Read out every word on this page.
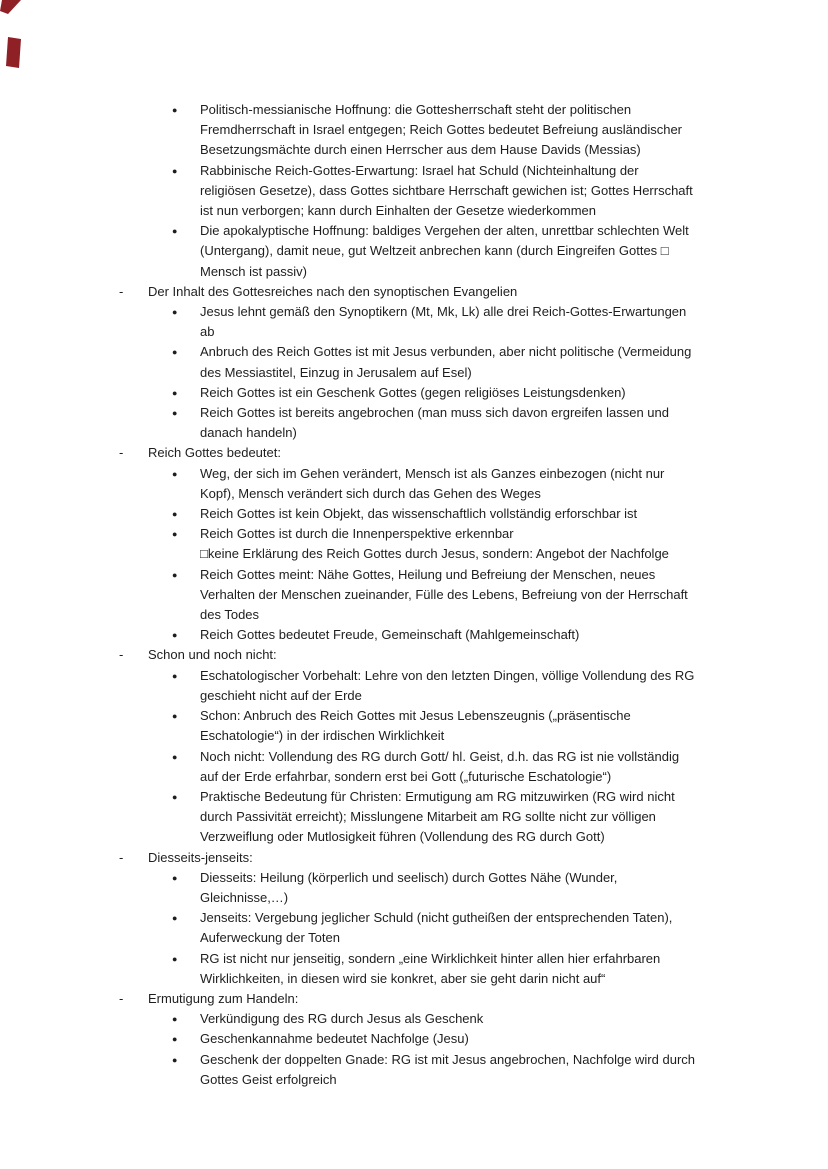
● Politisch-messianische Hoffnung: die Gottesherrschaft steht der politischen
Fremdherrschaft in Israel entgegen; Reich Gottes bedeutet Befreiung ausländischer
Besetzungsmächte durch einen Herrscher aus dem Hause Davids (Messias)
● Rabbinische Reich-Gottes-Erwartung: Israel hat Schuld (Nichteinhaltung der
religiösen Gesetze), dass Gottes sichtbare Herrschaft gewichen ist; Gottes Herrschaft
ist nun verborgen; kann durch Einhalten der Gesetze wiederkommen
● Die apokalyptische Hoffnung: baldiges Vergehen der alten, unrettbar schlechten Welt
(Untergang), damit neue, gut Weltzeit anbrechen kann (durch Eingreifen Gottes □
Mensch ist passiv)
- Der Inhalt des Gottesreiches nach den synoptischen Evangelien
● Jesus lehnt gemäß den Synoptikern (Mt, Mk, Lk) alle drei Reich-Gottes-Erwartungen
ab
● Anbruch des Reich Gottes ist mit Jesus verbunden, aber nicht politische (Vermeidung
des Messiastitel, Einzug in Jerusalem auf Esel)
● Reich Gottes ist ein Geschenk Gottes (gegen religiöses Leistungsdenken)
● Reich Gottes ist bereits angebrochen (man muss sich davon ergreifen lassen und
danach handeln)
- Reich Gottes bedeutet:
● Weg, der sich im Gehen verändert, Mensch ist als Ganzes einbezogen (nicht nur
Kopf), Mensch verändert sich durch das Gehen des Weges
● Reich Gottes ist kein Objekt, das wissenschaftlich vollständig erforschbar ist
● Reich Gottes ist durch die Innenperspektive erkennbar
□keine Erklärung des Reich Gottes durch Jesus, sondern: Angebot der Nachfolge
● Reich Gottes meint: Nähe Gottes, Heilung und Befreiung der Menschen, neues
Verhalten der Menschen zueinander, Fülle des Lebens, Befreiung von der Herrschaft
des Todes
● Reich Gottes bedeutet Freude, Gemeinschaft (Mahlgemeinschaft)
- Schon und noch nicht:
● Eschatologischer Vorbehalt: Lehre von den letzten Dingen, völlige Vollendung des RG
geschieht nicht auf der Erde
● Schon: Anbruch des Reich Gottes mit Jesus Lebenszeugnis („präsentische
Eschatologie“) in der irdischen Wirklichkeit
● Noch nicht: Vollendung des RG durch Gott/ hl. Geist, d.h. das RG ist nie vollständig
auf der Erde erfahrbar, sondern erst bei Gott („futurische Eschatologie“)
● Praktische Bedeutung für Christen: Ermutigung am RG mitzuwirken (RG wird nicht
durch Passivität erreicht); Misslungene Mitarbeit am RG sollte nicht zur völligen
Verzweiflung oder Mutlosigkeit führen (Vollendung des RG durch Gott)
- Diesseits-jenseits:
● Diesseits: Heilung (körperlich und seelisch) durch Gottes Nähe (Wunder,
Gleichnisse,…)
● Jenseits: Vergebung jeglicher Schuld (nicht gutheißen der entsprechenden Taten),
Auferweckung der Toten
● RG ist nicht nur jenseitig, sondern „eine Wirklichkeit hinter allen hier erfahrbaren
Wirklichkeiten, in diesen wird sie konkret, aber sie geht darin nicht auf“
- Ermutigung zum Handeln:
● Verkündigung des RG durch Jesus als Geschenk
● Geschenkannahme bedeutet Nachfolge (Jesu)
● Geschenk der doppelten Gnade: RG ist mit Jesus angebrochen, Nachfolge wird durch
Gottes Geist erfolgreich
